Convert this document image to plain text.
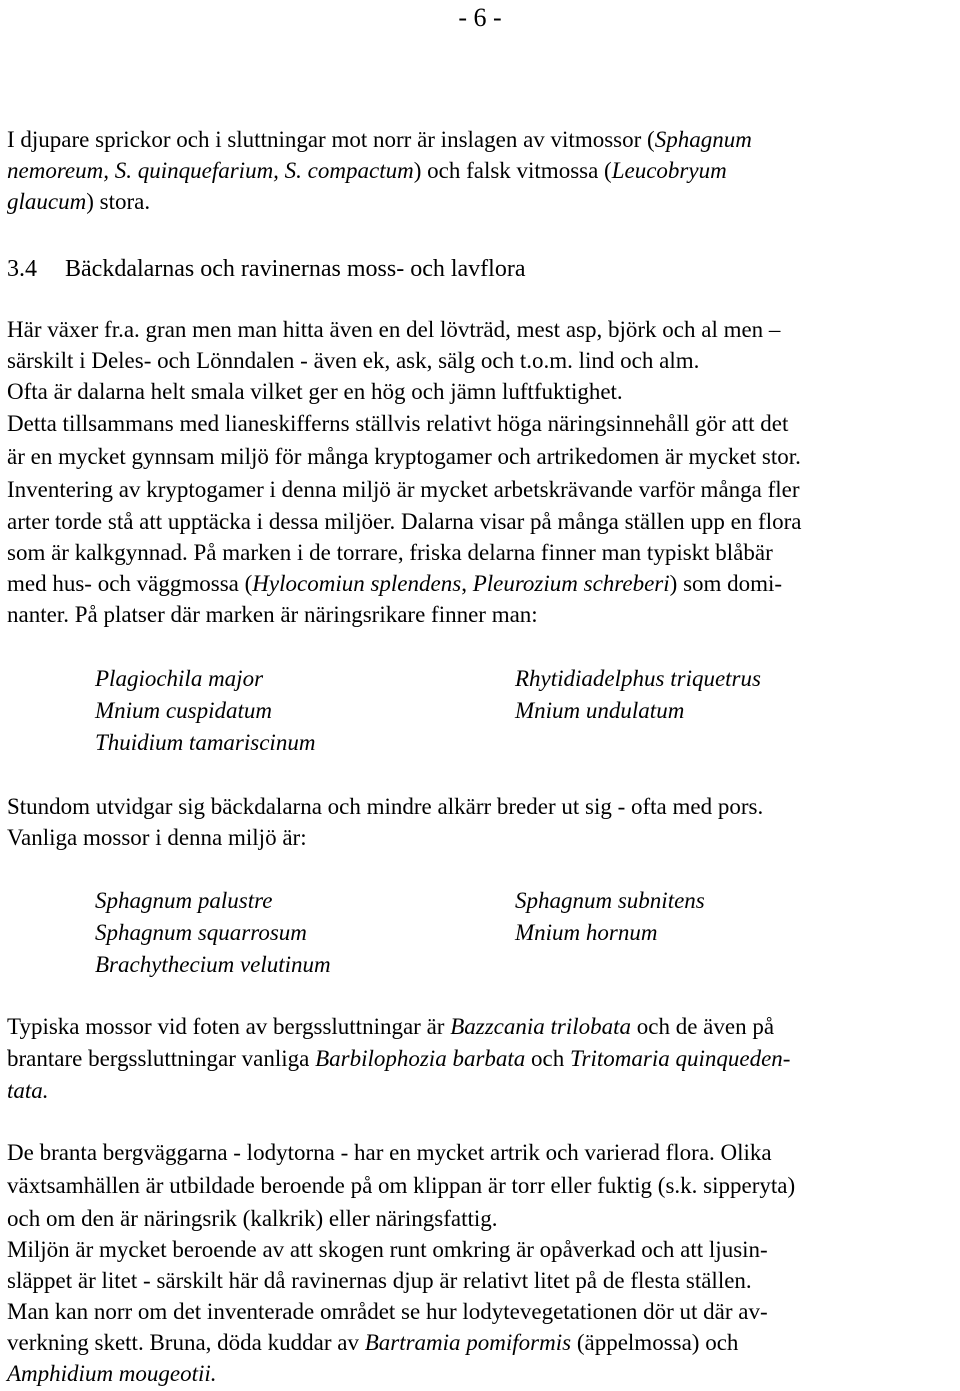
- 6 -
I djupare sprickor och i sluttningar mot norr är inslagen av vitmossor (Sphagnum
nemoreum, S. quinquefarium, S. compactum) och falsk vitmossa (Leucobryum
glaucum) stora.
3.4 Bäckdalarnas och ravinernas moss- och lavflora
Här växer fr.a. gran men man hitta även en del lövträd, mest asp, björk och al men –
särskilt i Deles- och Lönndalen - även ek, ask, sälg och t.o.m. lind och alm.
Ofta är dalarna helt smala vilket ger en hög och jämn luftfuktighet.
Detta tillsammans med lianeskifferns ställvis relativt höga näringsinnehåll gör att det
är en mycket gynnsam miljö för många kryptogamer och artrikedomen är mycket stor.
Inventering av kryptogamer i denna miljö är mycket arbetskrävande varför många fler
arter torde stå att upptäcka i dessa miljöer. Dalarna visar på många ställen upp en flora
som är kalkgynnad. På marken i de torrare, friska delarna finner man typiskt blåbär
med hus- och väggmossa (Hylocomiun splendens, Pleurozium schreberi) som domi-
nanter. På platser där marken är näringsrikare finner man:
Plagiochila major
Mnium cuspidatum
Thuidium tamariscinum
Rhytidiadelphus triquetrus
Mnium undulatum
Stundom utvidgar sig bäckdalarna och mindre alkärr breder ut sig - ofta med pors.
Vanliga mossor i denna miljö är:
Sphagnum palustre
Sphagnum squarrosum
Brachythecium velutinum
Sphagnum subnitens
Mnium hornum
Typiska mossor vid foten av bergssluttningar är Bazzcania trilobata och de även på
brantare bergssluttningar vanliga Barbilophozia barbata och Tritomaria quinqueden-
tata.
De branta bergväggarna - lodytorna - har en mycket artrik och varierad flora. Olika
växtsamhällen är utbildade beroende på om klippan är torr eller fuktig (s.k. sipperyta)
och om den är näringsrik (kalkrik) eller näringsfattig.
Miljön är mycket beroende av att skogen runt omkring är opåverkad och att ljusin-
släppet är litet - särskilt här då ravinernas djup är relativt litet på de flesta ställen.
Man kan norr om det inventerade området se hur lodytevegetationen dör ut där av-
verkning skett. Bruna, döda kuddar av Bartramia pomiformis (äppelmossa) och
Amphidium mougeotii.
